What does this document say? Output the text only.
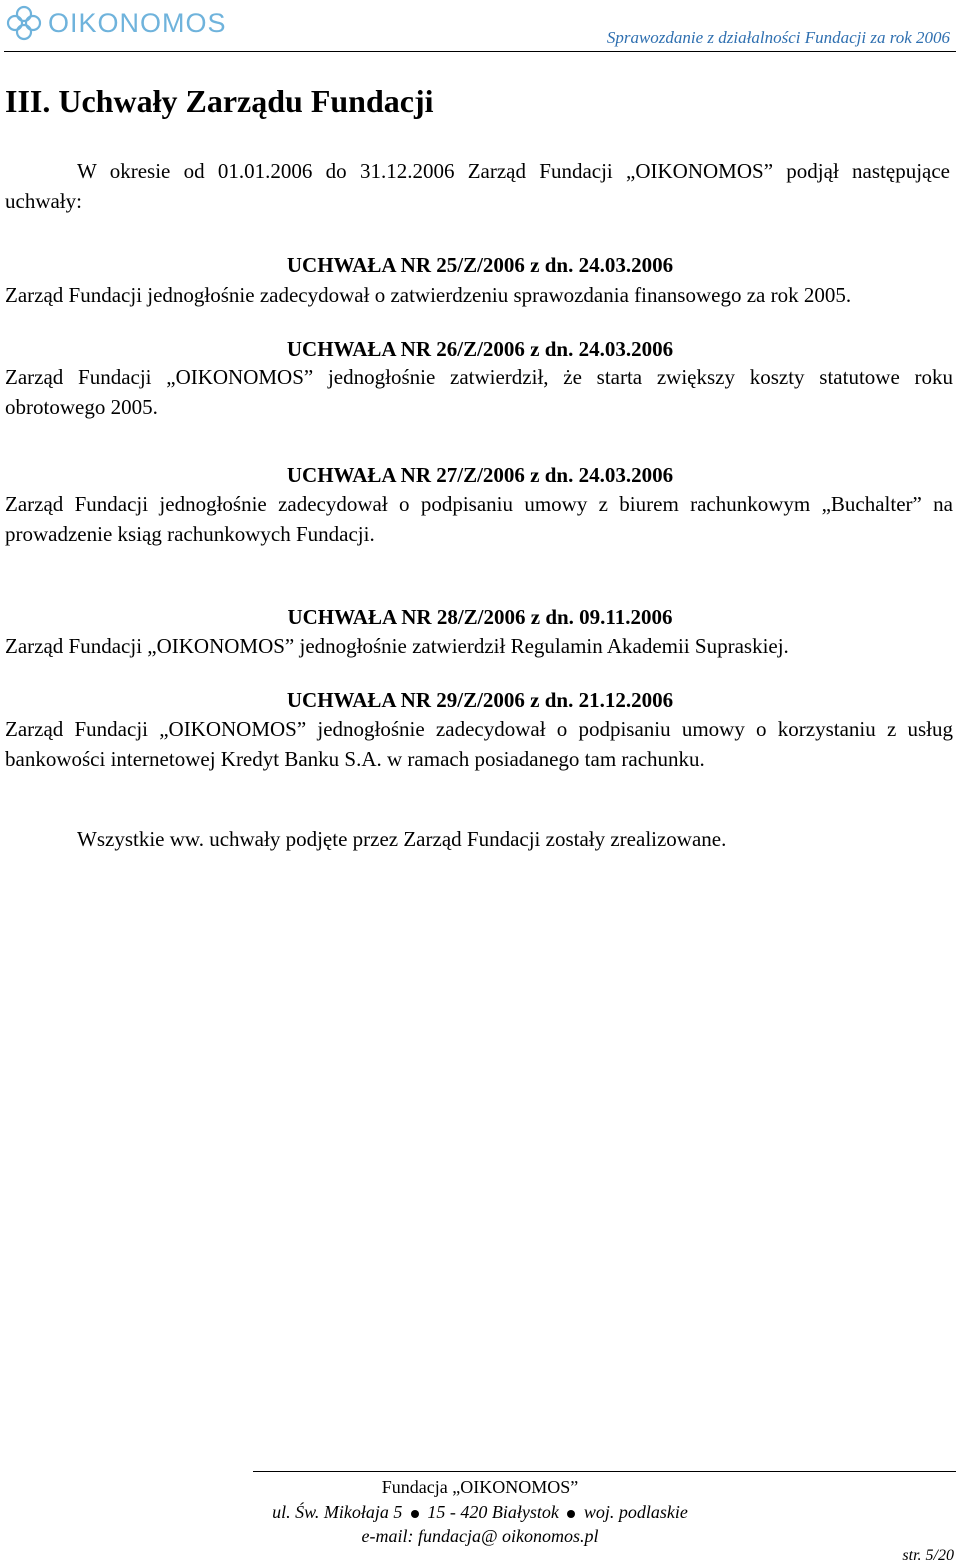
OIKONOMOS	Sprawozdanie z działalności Fundacji za rok 2006
III. Uchwały Zarządu Fundacji

W okresie od 01.01.2006 do 31.12.2006 Zarząd Fundacji „OIKONOMOS” podjął następujące uchwały:

UCHWAŁA NR 25/Z/2006 z dn. 24.03.2006

Zarząd Fundacji jednogłośnie zadecydował o zatwierdzeniu sprawozdania finansowego za rok 2005.

UCHWAŁA NR 26/Z/2006 z dn. 24.03.2006

Zarząd Fundacji „OIKONOMOS” jednogłośnie zatwierdził, że starta zwiększy koszty statutowe roku obrotowego 2005.

UCHWAŁA NR 27/Z/2006 z dn. 24.03.2006

Zarząd Fundacji jednogłośnie zadecydował o podpisaniu umowy z biurem rachunkowym „Buchalter” na prowadzenie ksiąg rachunkowych Fundacji.

UCHWAŁA NR 28/Z/2006 z dn. 09.11.2006

Zarząd Fundacji „OIKONOMOS” jednogłośnie zatwierdził Regulamin Akademii Supraskiej.

UCHWAŁA NR 29/Z/2006 z dn. 21.12.2006

Zarząd Fundacji „OIKONOMOS” jednogłośnie zadecydował o podpisaniu umowy o korzystaniu z usług bankowości internetowej Kredyt Banku S.A. w ramach posiadanego tam rachunku.

Wszystkie ww. uchwały podjęte przez Zarząd Fundacji zostały zrealizowane.

Fundacja „OIKONOMOS”

ul. Św. Mikołaja 5 15 - 420 Białystok woj. podlaskie

e-mail: fundacja@ oikonomos.pl

str. 5/20
